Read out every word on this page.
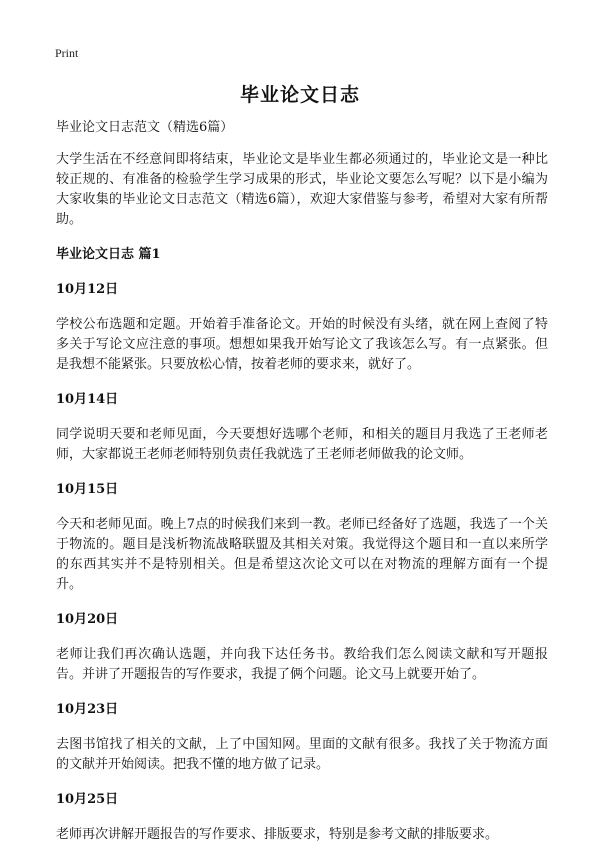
Print
毕业论文日志

毕业论文日志范文（精选6篇）

大学生活在不经意间即将结束，毕业论文是毕业生都必须通过的，毕业论文是一种比较正规的、有准备的检验学生学习成果的形式，毕业论文要怎么写呢？以下是小编为大家收集的毕业论文日志范文（精选6篇），欢迎大家借鉴与参考，希望对大家有所帮助。

毕业论文日志 篇1

10月12日

学校公布选题和定题。开始着手准备论文。开始的时候没有头绪，就在网上查阅了特多关于写论文应注意的事项。想想如果我开始写论文了我该怎么写。有一点紧张。但是我想不能紧张。只要放松心情，按着老师的要求来，就好了。

10月14日

同学说明天要和老师见面，今天要想好选哪个老师，和相关的题目月我选了王老师老师，大家都说王老师老师特别负责任我就选了王老师老师做我的论文师。

10月15日

今天和老师见面。晚上7点的时候我们来到一教。老师已经备好了选题，我选了一个关于物流的。题目是浅析物流战略联盟及其相关对策。我觉得这个题目和一直以来所学的东西其实并不是特别相关。但是希望这次论文可以在对物流的理解方面有一个提升。

10月20日

老师让我们再次确认选题，并向我下达任务书。教给我们怎么阅读文献和写开题报告。并讲了开题报告的写作要求，我提了俩个问题。论文马上就要开始了。

10月23日

去图书馆找了相关的文献，上了中国知网。里面的文献有很多。我找了关于物流方面的文献并开始阅读。把我不懂的地方做了记录。

10月25日

老师再次讲解开题报告的写作要求、排版要求，特别是参考文献的排版要求。
